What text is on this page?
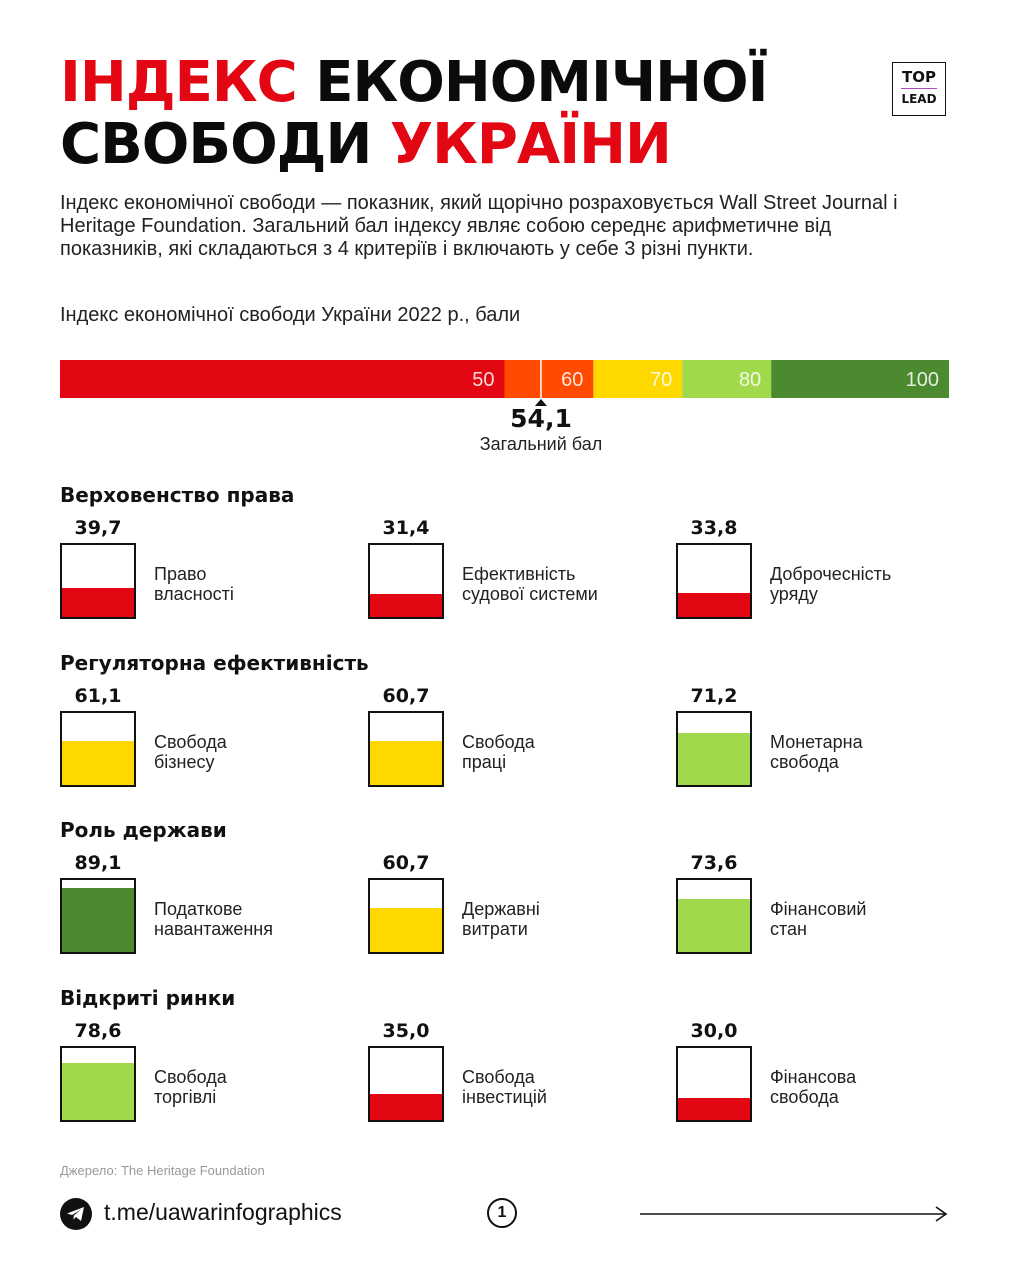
ІНДЕКС ЕКОНОМІЧНОЇ
СВОБОДИ УКРАЇНИ
TOP
LEAD

Індекс економічної свободи — показник, який щорічно розраховується Wall Street Journal і Heritage Foundation. Загальний бал індексу являє собою середнє арифметичне від показників, які складаються з 4 критеріїв і включають у себе 3 різні пункти.

Індекс економічної свободи України 2022 р., бали
50	60	70	80	100
54,1
Загальний бал
Верховенство права
39,7
Право
власності
31,4
Ефективність
судової системи
33,8
Доброчесність
уряду
Регуляторна ефективність
61,1
Свобода
бізнесу
60,7
Свобода
праці
71,2
Монетарна
свобода
Роль держави
89,1
Податкове
навантаження
60,7
Державні
витрати
73,6
Фінансовий
стан
Відкриті ринки
78,6
Свобода
торгівлі
35,0
Свобода
інвестицій
30,0
Фінансова
свобода
Джерело: The Heritage Foundation
t.me/uawarinfographics	1
